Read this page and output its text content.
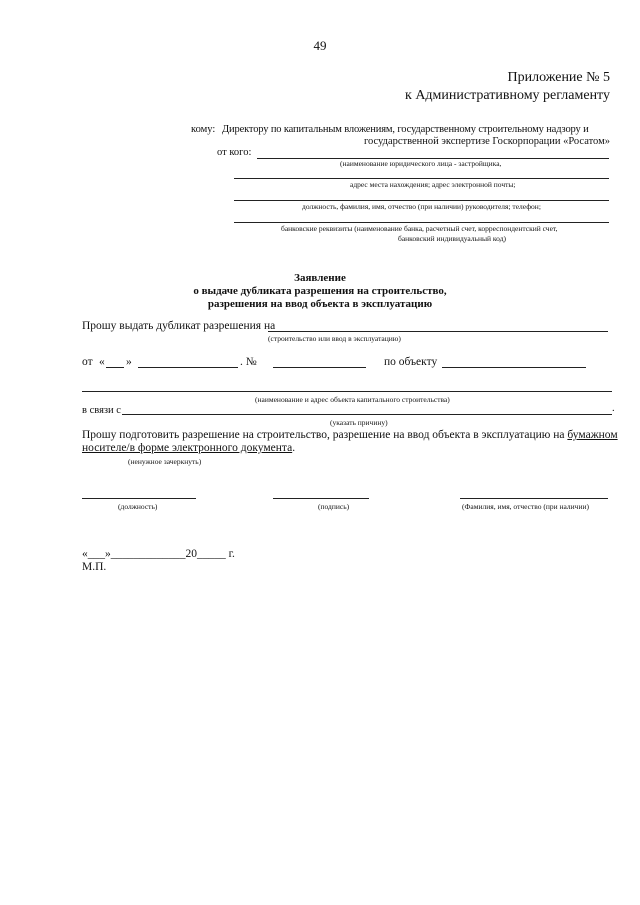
49
Приложение № 5
к Административному регламенту
кому: Директору по капитальным вложениям, государственному строительному надзору и
государственной экспертизе Госкорпорации «Росатом»
от кого:
(наименование юридического лица - застройщика,
адрес места нахождения; адрес электронной почты;
должность, фамилия, имя, отчество (при наличии) руководителя; телефон;
банковские реквизиты (наименование банка, расчетный счет, корреспондентский счет,
банковский индивидуальный код)
Заявление
о выдаче дубликата разрешения на строительство,
разрешения на ввод объекта в эксплуатацию
Прошу выдать дубликат разрешения на
(строительство или ввод в эксплуатацию)
от « »	. №	по объекту
(наименование и адрес объекта капитального строительства)
в связи с	.
(указать причину)
Прошу подготовить разрешение на строительство, разрешение на ввод объекта в эксплуатацию на бумажном
носителе/в форме электронного документа.
(ненужное зачеркнуть)
(должность)	(подпись)	(Фамилия, имя, отчество (при наличии)
«___»_____________20_____ г.
М.П.
